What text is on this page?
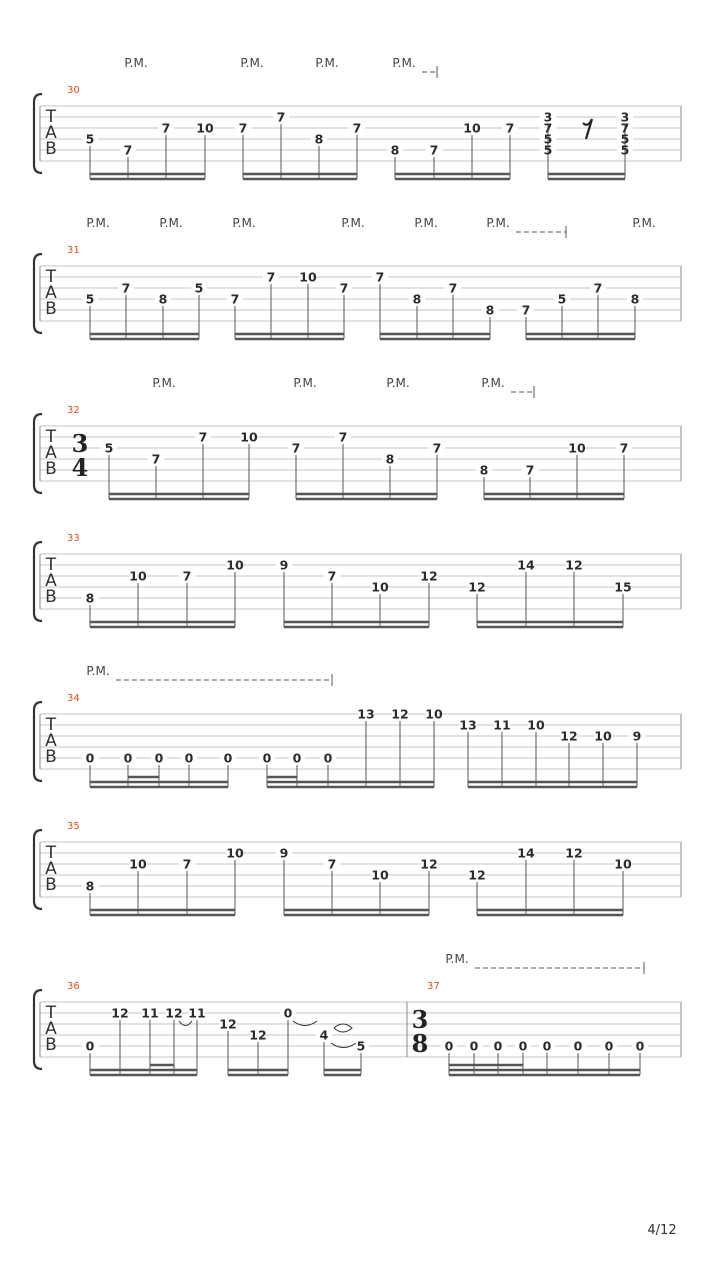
T
A
B
30
P.M.	P.M.	P.M.	P.M.
5
7
7 10 7
7
8
7
8 7
10 7
3
7
5
5
3
7
5
5
T
A
B
31
P.M.	P.M.	P.M.	P.M.	P.M.	P.M.	P.M.
5
7
8
5
7
7 10
7
7
8
7
8 7
5
7
8
T
A
B
32
3
4
P.M.	P.M.	P.M.	P.M.
5
7
7	10
7
7
8
7
8	7
10	7
T
A
B
33
8
10	7
10	9
7
10
12
12
14 12
15
T
A
B
34
P.M.
0 0 0 0 0 0 0 0
13 12 10
13 11 10
12 10 9
T
A
B
35
8
10	7
10	9
7
10
12
12
14 12
10
T
A
B
36	37
3
8
P.M.
0
12 11 12 11
12
12
0
4
5	0 0 0 0 0 0 0 0
4/12
